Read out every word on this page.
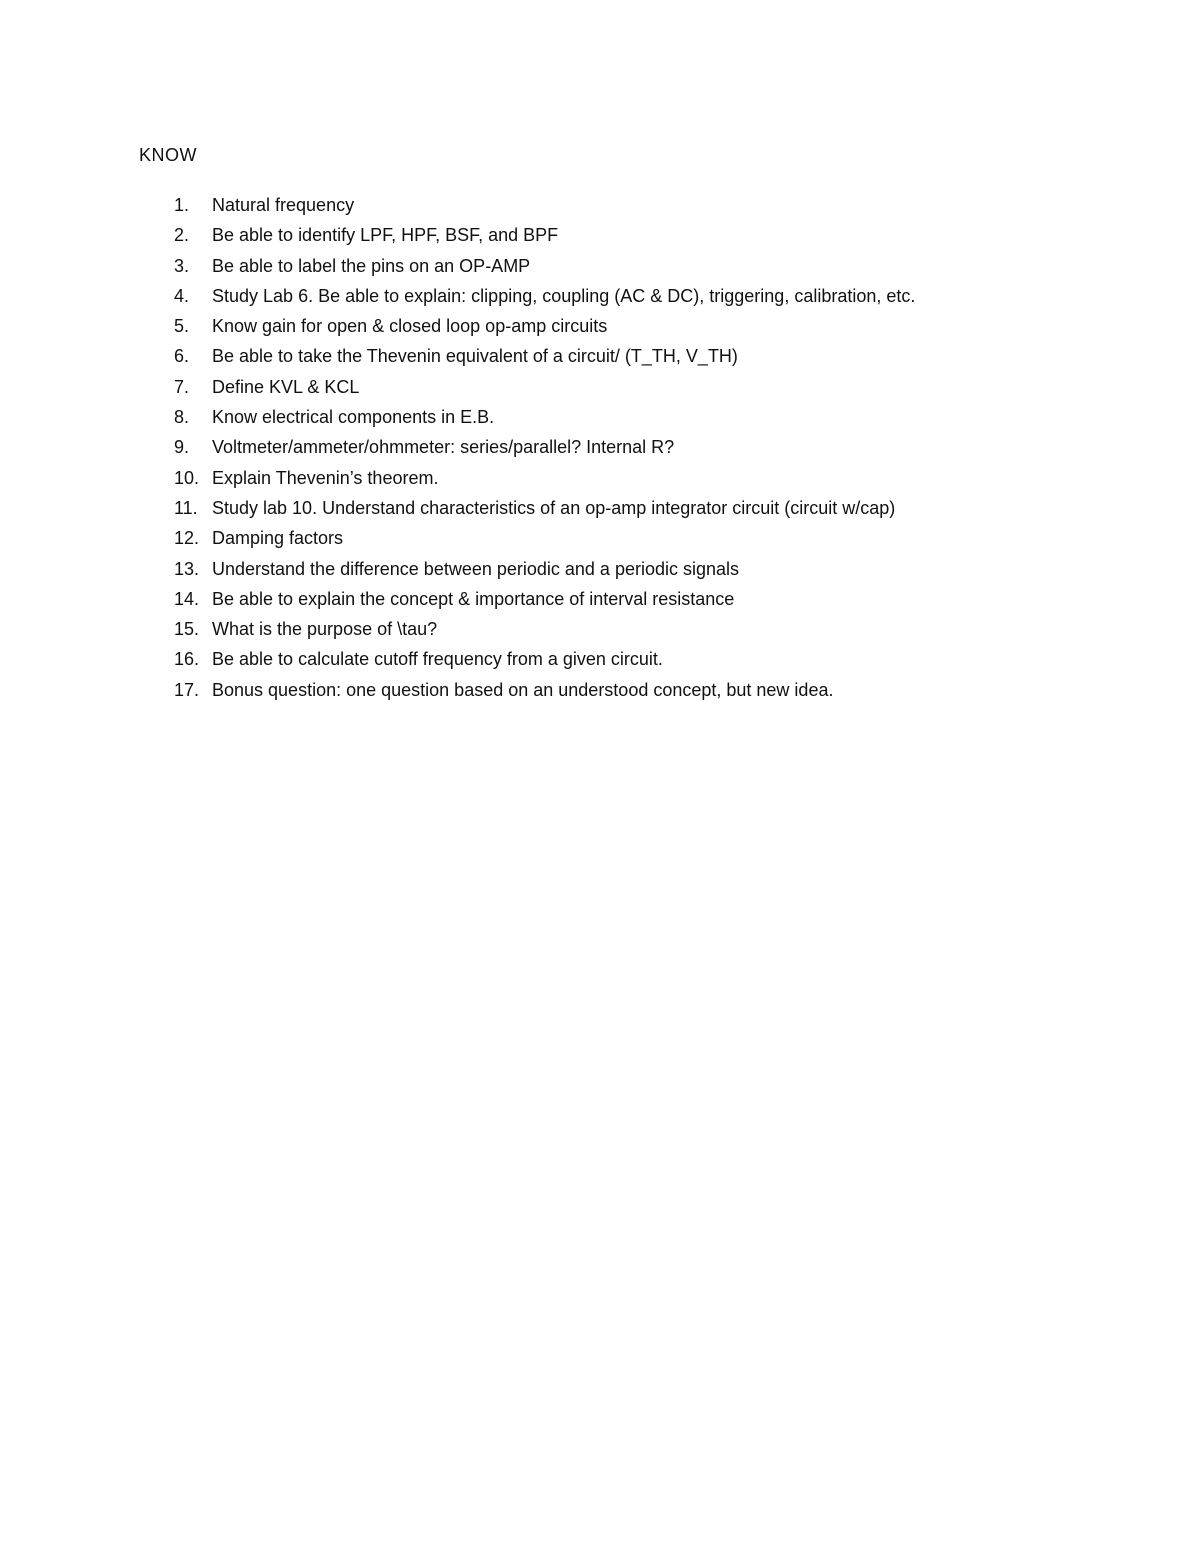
KNOW
1. Natural frequency
2. Be able to identify LPF, HPF, BSF, and BPF
3. Be able to label the pins on an OP-AMP
4. Study Lab 6. Be able to explain: clipping, coupling (AC & DC), triggering, calibration, etc.
5. Know gain for open & closed loop op-amp circuits
6. Be able to take the Thevenin equivalent of a circuit/ (T_TH, V_TH)
7. Define KVL & KCL
8. Know electrical components in E.B.
9. Voltmeter/ammeter/ohmmeter: series/parallel? Internal R?
10. Explain Thevenin’s theorem.
11. Study lab 10. Understand characteristics of an op-amp integrator circuit (circuit w/cap)
12. Damping factors
13. Understand the difference between periodic and a periodic signals
14. Be able to explain the concept & importance of interval resistance
15. What is the purpose of \tau?
16. Be able to calculate cutoff frequency from a given circuit.
17. Bonus question: one question based on an understood concept, but new idea.
